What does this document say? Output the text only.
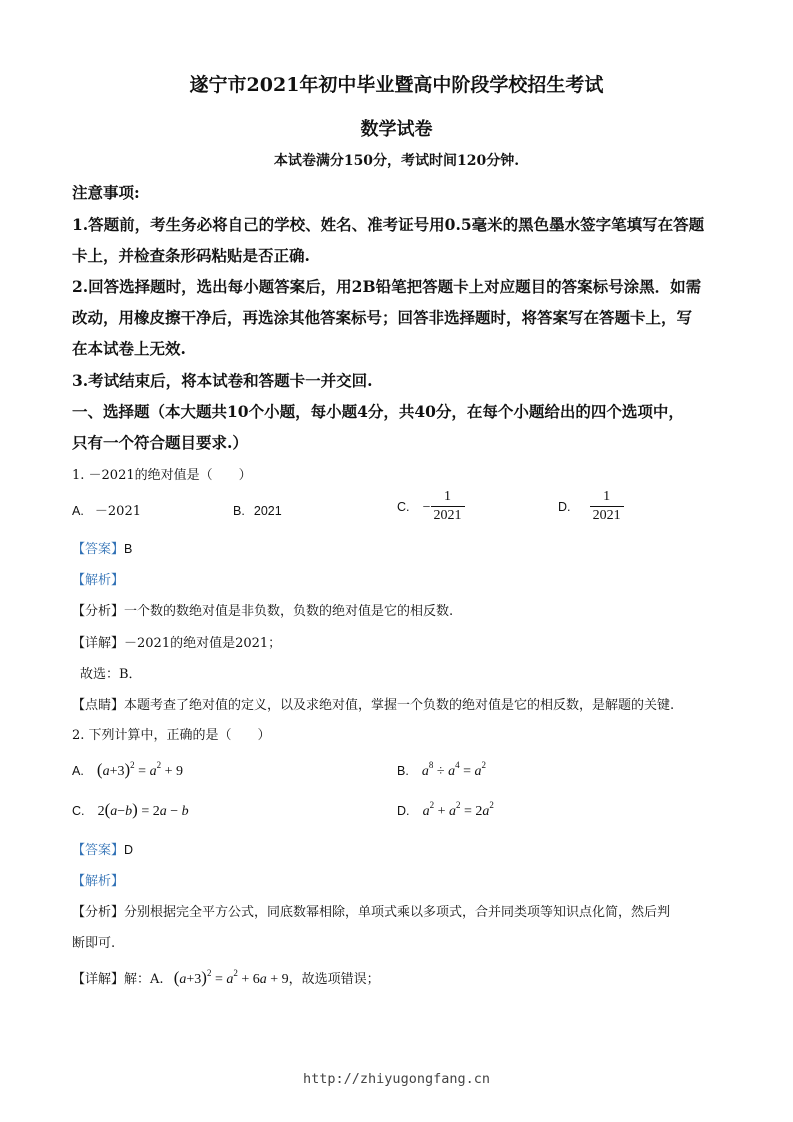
遂宁市2021年初中毕业暨高中阶段学校招生考试
数学试卷
本试卷满分150分，考试时间120分钟.
注意事项:
1.答题前，考生务必将自己的学校、姓名、准考证号用0.5毫米的黑色墨水签字笔填写在答题
卡上，并检查条形码粘贴是否正确.
2.回答选择题时，选出每小题答案后，用2B铅笔把答题卡上对应题目的答案标号涂黑．如需
改动，用橡皮擦干净后，再选涂其他答案标号；回答非选择题时，将答案写在答题卡上，写
在本试卷上无效.
3.考试结束后，将本试卷和答题卡一并交回.
一、选择题（本大题共10个小题，每小题4分，共40分，在每个小题给出的四个选项中，
只有一个符合题目要求.）
1. －2021的绝对值是（　　）
A. －2021	B. 2021	C. − $\frac{1}{2021}$	D. $\frac{1}{2021}$
【答案】B
【解析】
【分析】一个数的数绝对值是非负数，负数的绝对值是它的相反数.
【详解】－2021的绝对值是2021；
故选：B．
【点睛】本题考查了绝对值的定义，以及求绝对值，掌握一个负数的绝对值是它的相反数，是解题的关键.
2. 下列计算中，正确的是（　　）
A. $(a+3)^2 = a^2 + 9$	B. $a^8 \div a^4 = a^2$
C. 2(a−b) = 2a − b	D. $a^2 + a^2 = 2a^2$
【答案】D
【解析】
【分析】分别根据完全平方公式，同底数幂相除，单项式乘以多项式，合并同类项等知识点化简，然后判
断即可.
【详解】解：A. $(a+3)^2 = a^2 + 6a + 9$，故选项错误；
http://zhiyugongfang.cn
